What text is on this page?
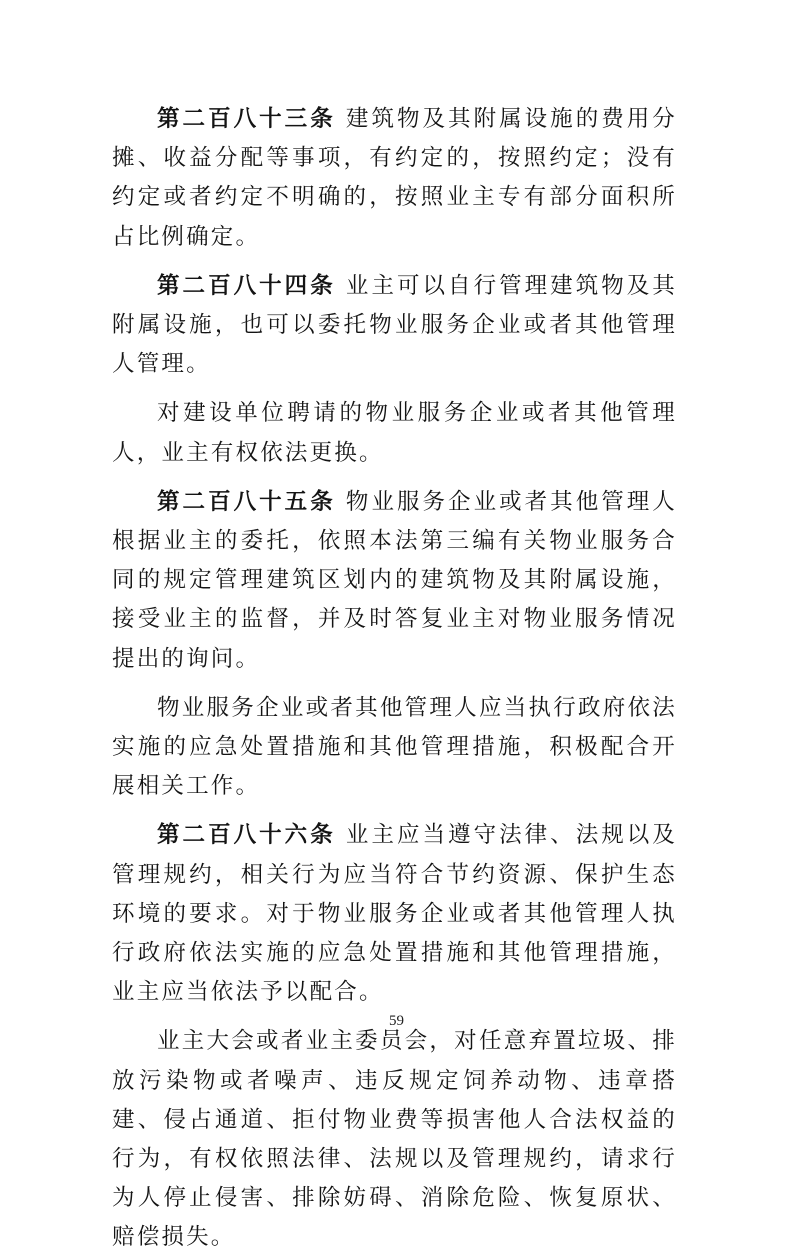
第二百八十三条 建筑物及其附属设施的费用分摊、收益分配等事项，有约定的，按照约定；没有约定或者约定不明确的，按照业主专有部分面积所占比例确定。

第二百八十四条 业主可以自行管理建筑物及其附属设施，也可以委托物业服务企业或者其他管理人管理。

对建设单位聘请的物业服务企业或者其他管理人，业主有权依法更换。

第二百八十五条 物业服务企业或者其他管理人根据业主的委托，依照本法第三编有关物业服务合同的规定管理建筑区划内的建筑物及其附属设施，接受业主的监督，并及时答复业主对物业服务情况提出的询问。

物业服务企业或者其他管理人应当执行政府依法实施的应急处置措施和其他管理措施，积极配合开展相关工作。

第二百八十六条 业主应当遵守法律、法规以及管理规约，相关行为应当符合节约资源、保护生态环境的要求。对于物业服务企业或者其他管理人执行政府依法实施的应急处置措施和其他管理措施，业主应当依法予以配合。

业主大会或者业主委员会，对任意弃置垃圾、排放污染物或者噪声、违反规定饲养动物、违章搭建、侵占通道、拒付物业费等损害他人合法权益的行为，有权依照法律、法规以及管理规约，请求行为人停止侵害、排除妨碍、消除危险、恢复原状、赔偿损失。

59
